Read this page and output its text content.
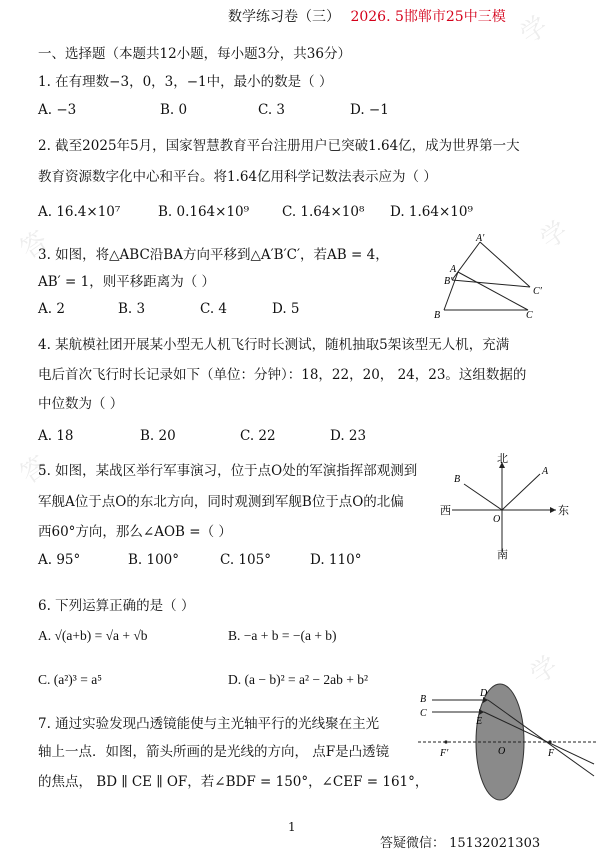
学
学
答
答
学
数学练习卷（三） 2026. 5邯郸市25中三模
一、选择题（本题共12小题，每小题3分，共36分）
1. 在有理数−3，0，3，−1中，最小的数是（ ）
A. −3	B. 0	C. 3	D. −1
2. 截至2025年5月，国家智慧教育平台注册用户已突破1.64亿，成为世界第一大
教育资源数字化中心和平台。将1.64亿用科学记数法表示应为（ ）
A. 16.4×10⁷	B. 0.164×10⁹ C. 1.64×10⁸ D. 1.64×10⁹
3. 如图，将△ABC沿BA方向平移到△A′B′C′，若AB = 4，
AB′ = 1，则平移距离为（ ）
A. 2	B. 3	C. 4	D. 5
A′
A
B′
C′
B	C
4. 某航模社团开展某小型无人机飞行时长测试，随机抽取5架该型无人机，充满
电后首次飞行时长记录如下（单位：分钟）：18，22，20， 24，23。这组数据的
中位数为（ ）
A. 18	B. 20	C. 22	D. 23
5. 如图，某战区举行军事演习，位于点O处的军演指挥部观测到
军舰A位于点O的东北方向，同时观测到军舰B位于点O的北偏
西60°方向，那么∠AOB =（ ）
A. 95°	B. 100°	C. 105°	D. 110°
北
南
东
西
A
B
O
6. 下列运算正确的是（ ）
A. √(a+b) = √a + √b	B. −a + b = −(a + b)
C. (a²)³ = a⁵	D. (a − b)² = a² − 2ab + b²
7. 通过实验发现凸透镜能使与主光轴平行的光线聚在主光
轴上一点．如图，箭头所画的是光线的方向， 点F是凸透镜
的焦点， BD ∥ CE ∥ OF，若∠BDF = 150°，∠CEF = 161°，
B
C
D
E
F′	F
O
1
答疑微信： 15132021303
